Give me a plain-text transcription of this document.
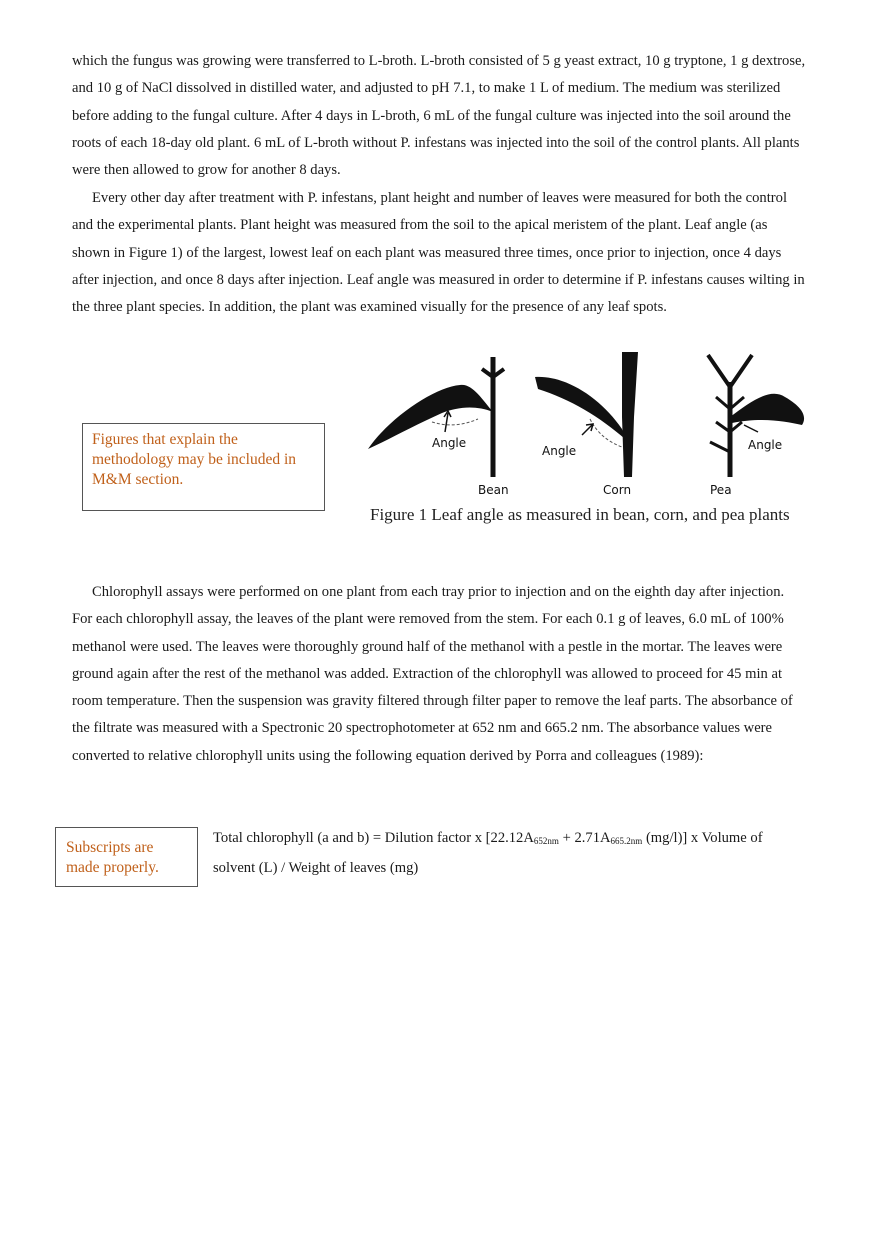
which the fungus was growing were transferred to L-broth. L-broth consisted of 5 g yeast extract, 10 g tryptone, 1 g dextrose, and 10 g of NaCl dissolved in distilled water, and adjusted to pH 7.1, to make 1 L of medium. The medium was sterilized before adding to the fungal culture. After 4 days in L-broth, 6 mL of the fungal culture was injected into the soil around the roots of each 18-day old plant. 6 mL of L-broth without P. infestans was injected into the soil of the control plants. All plants were then allowed to grow for another 8 days.

Every other day after treatment with P. infestans, plant height and number of leaves were measured for both the control and the experimental plants. Plant height was measured from the soil to the apical meristem of the plant. Leaf angle (as shown in Figure 1) of the largest, lowest leaf on each plant was measured three times, once prior to injection, once 4 days after injection, and once 8 days after injection. Leaf angle was measured in order to determine if P. infestans causes wilting in the three plant species. In addition, the plant was examined visually for the presence of any leaf spots.

Figures that explain the methodology may be included in M&M section.
Angle
Bean
Angle
Corn
Angle
Pea
Figure 1 Leaf angle as measured in bean, corn, and pea plants

Chlorophyll assays were performed on one plant from each tray prior to injection and on the eighth day after injection. For each chlorophyll assay, the leaves of the plant were removed from the stem. For each 0.1 g of leaves, 6.0 mL of 100% methanol were used. The leaves were thoroughly ground half of the methanol with a pestle in the mortar. The leaves were ground again after the rest of the methanol was added. Extraction of the chlorophyll was allowed to proceed for 45 min at room temperature. Then the suspension was gravity filtered through filter paper to remove the leaf parts. The absorbance of the filtrate was measured with a Spectronic 20 spectrophotometer at 652 nm and 665.2 nm. The absorbance values were converted to relative chlorophyll units using the following equation derived by Porra and colleagues (1989):

Subscripts are made properly.
Total chlorophyll (a and b) = Dilution factor x [$22.12A_{652nm} + 2.71A_{665.2nm}$ (mg/l)] x Volume of solvent (L) / Weight of leaves (mg)
